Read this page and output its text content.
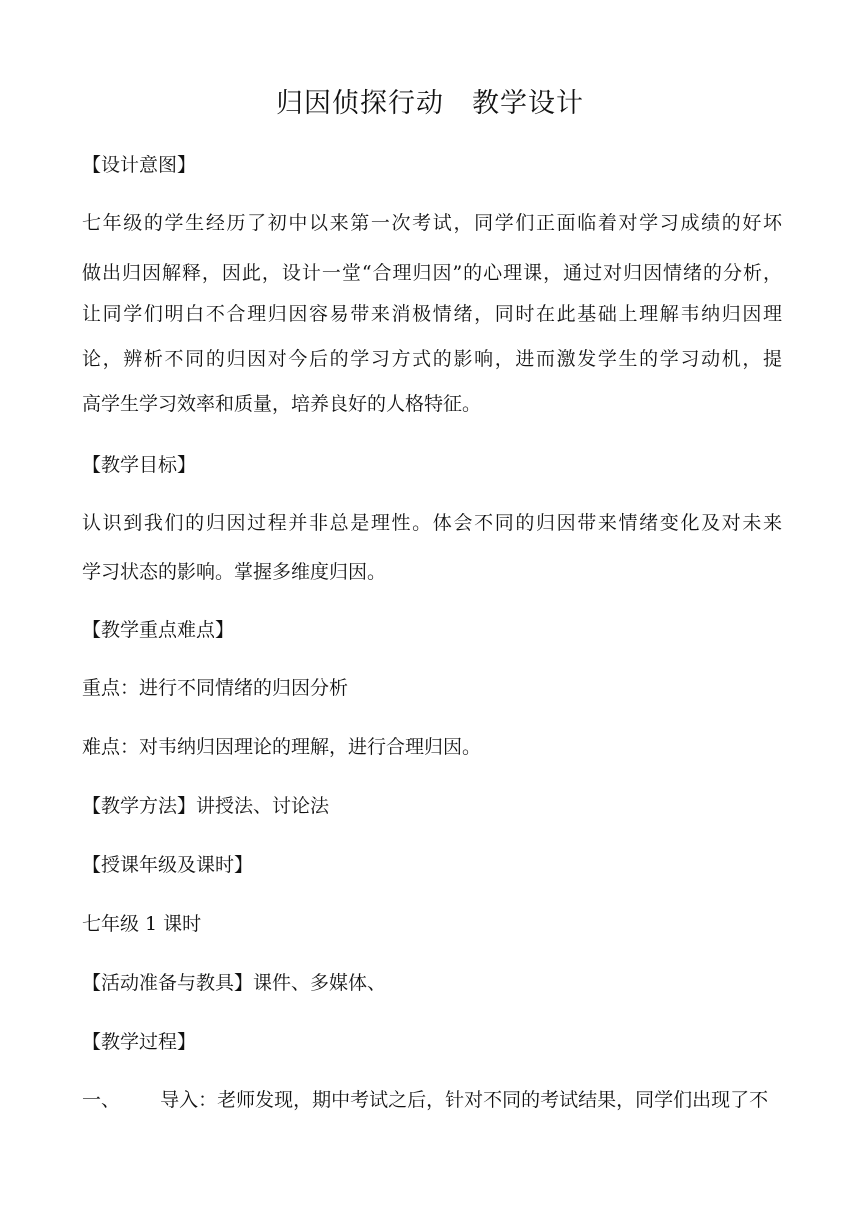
归因侦探行动　教学设计
【设计意图】
七年级的学生经历了初中以来第一次考试，同学们正面临着对学习成绩的好坏
做出归因解释，因此，设计一堂“合理归因”的心理课，通过对归因情绪的分析，
让同学们明白不合理归因容易带来消极情绪，同时在此基础上理解韦纳归因理
论，辨析不同的归因对今后的学习方式的影响，进而激发学生的学习动机，提
高学生学习效率和质量，培养良好的人格特征。
【教学目标】
认识到我们的归因过程并非总是理性。体会不同的归因带来情绪变化及对未来
学习状态的影响。掌握多维度归因。
【教学重点难点】
重点：进行不同情绪的归因分析
难点：对韦纳归因理论的理解，进行合理归因。
【教学方法】讲授法、讨论法
【授课年级及课时】
七年级 1 课时
【活动准备与教具】课件、多媒体、
【教学过程】
一、 导入：老师发现，期中考试之后，针对不同的考试结果，同学们出现了不
